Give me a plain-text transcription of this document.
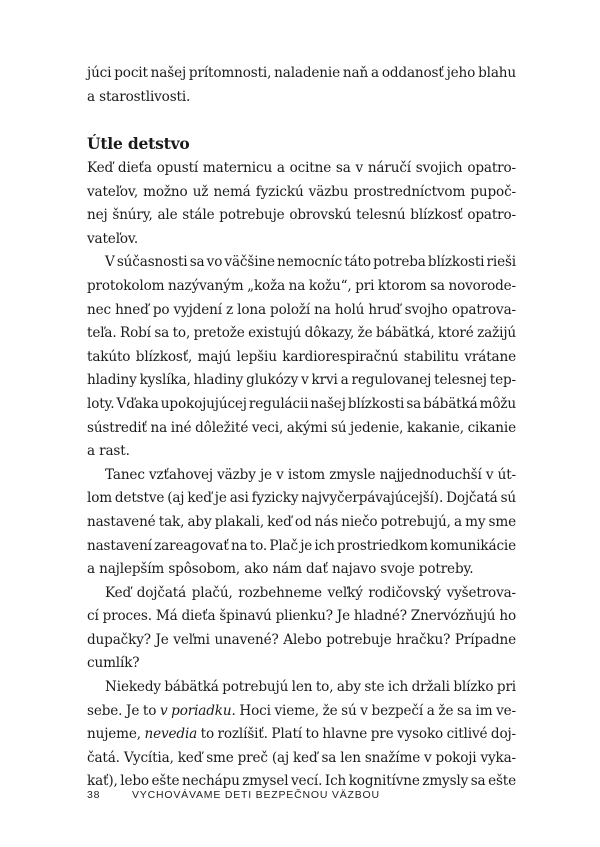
júci pocit našej prítomnosti, naladenie naň a oddanosť jeho blahu
a starostlivosti.
Útle detstvo
Keď dieťa opustí maternicu a ocitne sa v náručí svojich opatro-
vateľov, možno už nemá fyzickú väzbu prostredníctvom pupoč-
nej šnúry, ale stále potrebuje obrovskú telesnú blízkosť opatro-
vateľov.
V súčasnosti sa vo väčšine nemocníc táto potreba blízkosti rieši
protokolom nazývaným „koža na kožu“, pri ktorom sa novorode-
nec hneď po vyjdení z lona položí na holú hruď svojho opatrova-
teľa. Robí sa to, pretože existujú dôkazy, že bábätká, ktoré zažijú
takúto blízkosť, majú lepšiu kardiorespiračnú stabilitu vrátane
hladiny kyslíka, hladiny glukózy v krvi a regulovanej telesnej tep-
loty. Vďaka upokojujúcej regulácii našej blízkosti sa bábätká môžu
sústrediť na iné dôležité veci, akými sú jedenie, kakanie, cikanie
a rast.
Tanec vzťahovej väzby je v istom zmysle najjednoduchší v út-
lom detstve (aj keď je asi fyzicky najvyčerpávajúcejší). Dojčatá sú
nastavené tak, aby plakali, keď od nás niečo potrebujú, a my sme
nastavení zareagovať na to. Plač je ich prostriedkom komunikácie
a najlepším spôsobom, ako nám dať najavo svoje potreby.
Keď dojčatá plačú, rozbehneme veľký rodičovský vyšetrova-
cí proces. Má dieťa špinavú plienku? Je hladné? Znervózňujú ho
dupačky? Je veľmi unavené? Alebo potrebuje hračku? Prípadne
cumlík?
Niekedy bábätká potrebujú len to, aby ste ich držali blízko pri
sebe. Je to v poriadku. Hoci vieme, že sú v bezpečí a že sa im ve-
nujeme, nevedia to rozlíšiť. Platí to hlavne pre vysoko citlivé doj-
čatá. Vycítia, keď sme preč (aj keď sa len snažíme v pokoji vyka-
kať), lebo ešte nechápu zmysel vecí. Ich kognitívne zmysly sa ešte
38	VYCHOVÁVAME DETI BEZPEČNOU VÄZBOU
